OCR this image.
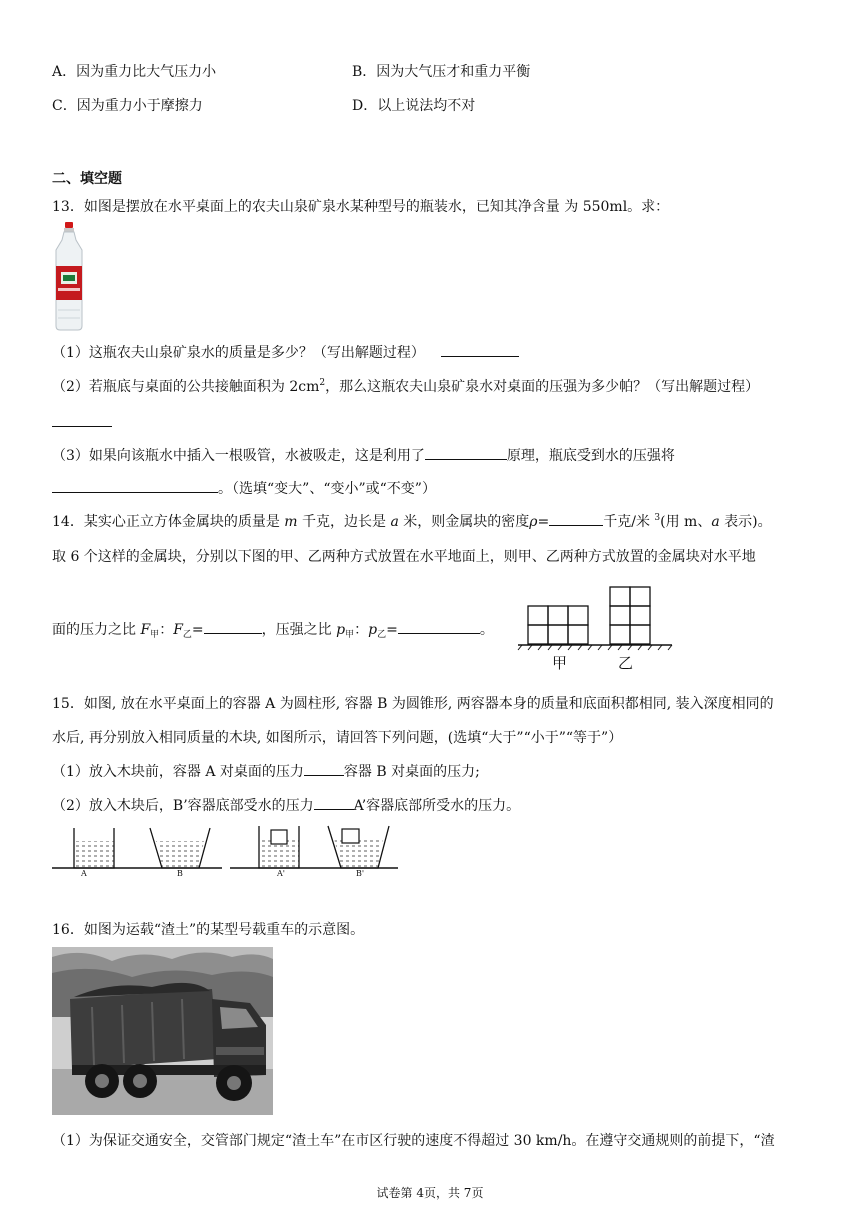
A．因为重力比大气压力小	B．因为大气压才和重力平衡
C．因为重力小于摩擦力	D．以上说法均不对
二、填空题
13．如图是摆放在水平桌面上的农夫山泉矿泉水某种型号的瓶装水，已知其净含量 为 550ml。求：
（1）这瓶农夫山泉矿泉水的质量是多少？（写出解题过程）
（2）若瓶底与桌面的公共接触面积为 $2cm^2$，那么这瓶农夫山泉矿泉水对桌面的压强为多少帕？（写出解题过程）
（3）如果向该瓶水中插入一根吸管，水被吸走，这是利用了	原理，瓶底受到水的压强将
。（选填“变大”、“变小”或“不变”）
14．某实心正立方体金属块的质量是 m 千克，边长是 a 米，则金属块的密度ρ=	千克/米 $^3$(用 m、a 表示)。
取 6 个这样的金属块，分别以下图的甲、乙两种方式放置在水平地面上，则甲、乙两种方式放置的金属块对水平地
面的压力之比 $F_甲$：$F_乙=$	，压强之比 $p_甲$：$p_乙=$	。
甲	乙
15．如图, 放在水平桌面上的容器 A 为圆柱形, 容器 B 为圆锥形, 两容器本身的质量和底面积都相同, 装入深度相同的
水后, 再分别放入相同质量的木块, 如图所示，请回答下列问题，(选填“大于”“小于”“等于”）
（1）放入木块前，容器 A 对桌面的压力	容器 B 对桌面的压力;
（2）放入木块后，B’容器底部受水的压力	A’容器底部所受水的压力。
A	B	A'	B'
16．如图为运载“渣土”的某型号载重车的示意图。
（1）为保证交通安全，交管部门规定“渣土车”在市区行驶的速度不得超过 30 km/h。在遵守交通规则的前提下，“渣
试卷第 4页，共 7页
